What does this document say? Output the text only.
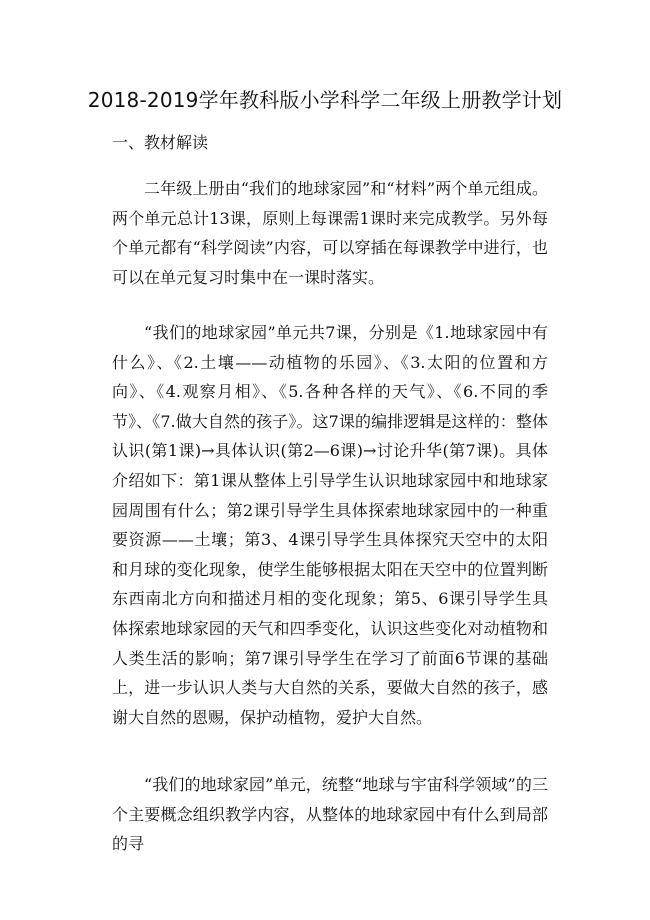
2018-2019学年教科版小学科学二年级上册教学计划
一、教材解读

二年级上册由“我们的地球家园”和“材料”两个单元组成。两个单元总计13课，原则上每课需1课时来完成教学。另外每个单元都有“科学阅读”内容，可以穿插在每课教学中进行，也可以在单元复习时集中在一课时落实。

“我们的地球家园”单元共7课，分别是《1.地球家园中有什么》、《2.土壤——动植物的乐园》、《3.太阳的位置和方向》、《4.观察月相》、《5.各种各样的天气》、《6.不同的季节》、《7.做大自然的孩子》。这7课的编排逻辑是这样的：整体认识(第1课)→具体认识(第2—6课)→讨论升华(第7课)。具体介绍如下：第1课从整体上引导学生认识地球家园中和地球家园周围有什么；第2课引导学生具体探索地球家园中的一种重要资源——土壤；第3、4课引导学生具体探究天空中的太阳和月球的变化现象，使学生能够根据太阳在天空中的位置判断东西南北方向和描述月相的变化现象；第5、6课引导学生具体探索地球家园的天气和四季变化，认识这些变化对动植物和人类生活的影响；第7课引导学生在学习了前面6节课的基础上，进一步认识人类与大自然的关系，要做大自然的孩子，感谢大自然的恩赐，保护动植物，爱护大自然。

“我们的地球家园”单元，统整“地球与宇宙科学领域”的三个主要概念组织教学内容，从整体的地球家园中有什么到局部的寻
